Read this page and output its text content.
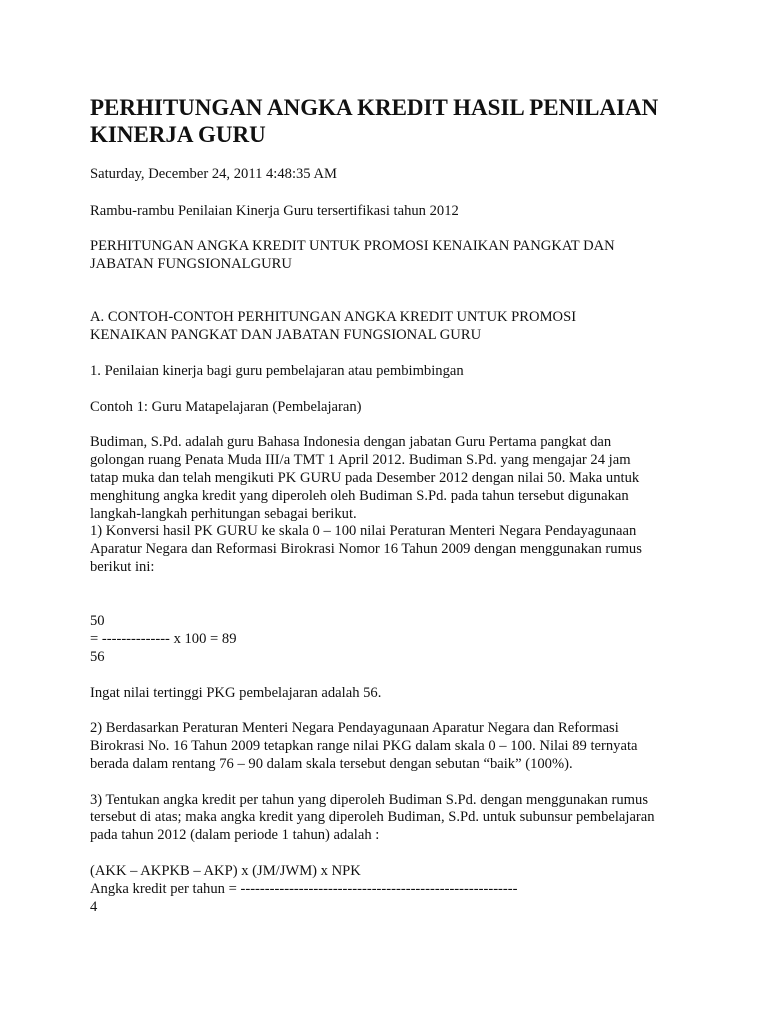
PERHITUNGAN ANGKA KREDIT HASIL PENILAIAN
KINERJA GURU
Saturday, December 24, 2011 4:48:35 AM
Rambu-rambu Penilaian Kinerja Guru tersertifikasi tahun 2012
PERHITUNGAN ANGKA KREDIT UNTUK PROMOSI KENAIKAN PANGKAT DAN
JABATAN FUNGSIONALGURU
A. CONTOH-CONTOH PERHITUNGAN ANGKA KREDIT UNTUK PROMOSI
KENAIKAN PANGKAT DAN JABATAN FUNGSIONAL GURU
1. Penilaian kinerja bagi guru pembelajaran atau pembimbingan
Contoh 1: Guru Matapelajaran (Pembelajaran)
Budiman, S.Pd. adalah guru Bahasa Indonesia dengan jabatan Guru Pertama pangkat dan
golongan ruang Penata Muda III/a TMT 1 April 2012. Budiman S.Pd. yang mengajar 24 jam
tatap muka dan telah mengikuti PK GURU pada Desember 2012 dengan nilai 50. Maka untuk
menghitung angka kredit yang diperoleh oleh Budiman S.Pd. pada tahun tersebut digunakan
langkah-langkah perhitungan sebagai berikut.
1) Konversi hasil PK GURU ke skala 0 – 100 nilai Peraturan Menteri Negara Pendayagunaan
Aparatur Negara dan Reformasi Birokrasi Nomor 16 Tahun 2009 dengan menggunakan rumus
berikut ini:
50
= -------------- x 100 = 89
56
Ingat nilai tertinggi PKG pembelajaran adalah 56.
2) Berdasarkan Peraturan Menteri Negara Pendayagunaan Aparatur Negara dan Reformasi
Birokrasi No. 16 Tahun 2009 tetapkan range nilai PKG dalam skala 0 – 100. Nilai 89 ternyata
berada dalam rentang 76 – 90 dalam skala tersebut dengan sebutan “baik” (100%).
3) Tentukan angka kredit per tahun yang diperoleh Budiman S.Pd. dengan menggunakan rumus
tersebut di atas; maka angka kredit yang diperoleh Budiman, S.Pd. untuk subunsur pembelajaran
pada tahun 2012 (dalam periode 1 tahun) adalah :
(AKK – AKPKB – AKP) x (JM/JWM) x NPK
Angka kredit per tahun = ---------------------------------------------------------
4
